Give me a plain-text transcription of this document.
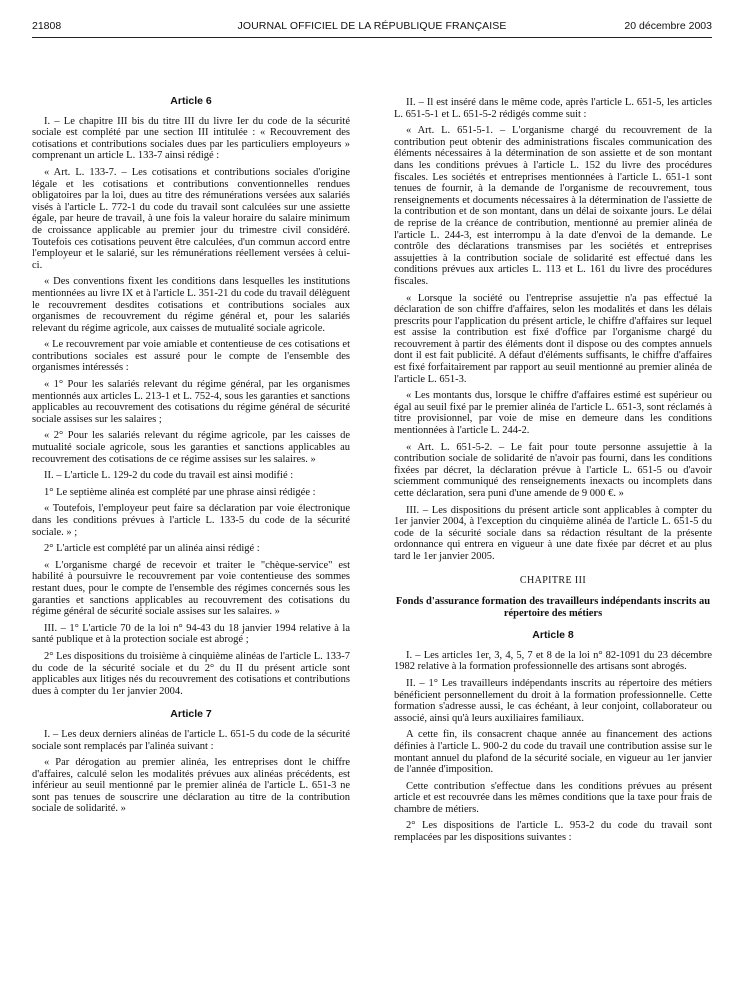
21808	JOURNAL OFFICIEL DE LA RÉPUBLIQUE FRANÇAISE	20 décembre 2003
Article 6

I. – Le chapitre III bis du titre III du livre Ier du code de la sécurité sociale est complété par une section III intitulée : « Recouvrement des cotisations et contributions sociales dues par les particuliers employeurs » comprenant un article L. 133-7 ainsi rédigé :

« Art. L. 133-7. – Les cotisations et contributions sociales d'origine légale et les cotisations et contributions conventionnelles rendues obligatoires par la loi, dues au titre des rémunérations versées aux salariés visés à l'article L. 772-1 du code du travail sont calculées sur une assiette égale, par heure de travail, à une fois la valeur horaire du salaire minimum de croissance applicable au premier jour du trimestre civil considéré. Toutefois ces cotisations peuvent être calculées, d'un commun accord entre l'employeur et le salarié, sur les rémunérations réellement versées à celui-ci.

« Des conventions fixent les conditions dans lesquelles les institutions mentionnées au livre IX et à l'article L. 351-21 du code du travail délèguent le recouvrement desdites cotisations et contributions sociales aux organismes de recouvrement du régime général et, pour les salariés relevant du régime agricole, aux caisses de mutualité sociale agricole.

« Le recouvrement par voie amiable et contentieuse de ces cotisations et contributions sociales est assuré pour le compte de l'ensemble des organismes intéressés :

« 1° Pour les salariés relevant du régime général, par les organismes mentionnés aux articles L. 213-1 et L. 752-4, sous les garanties et sanctions applicables au recouvrement des cotisations du régime général de sécurité sociale assises sur les salaires ;

« 2° Pour les salariés relevant du régime agricole, par les caisses de mutualité sociale agricole, sous les garanties et sanctions applicables au recouvrement des cotisations de ce régime assises sur les salaires. »

II. – L'article L. 129-2 du code du travail est ainsi modifié :

1° Le septième alinéa est complété par une phrase ainsi rédigée :

« Toutefois, l'employeur peut faire sa déclaration par voie électronique dans les conditions prévues à l'article L. 133-5 du code de la sécurité sociale. » ;

2° L'article est complété par un alinéa ainsi rédigé :

« L'organisme chargé de recevoir et traiter le "chèque-service" est habilité à poursuivre le recouvrement par voie contentieuse des sommes restant dues, pour le compte de l'ensemble des régimes concernés sous les garanties et sanctions applicables au recouvrement des cotisations du régime général de sécurité sociale assises sur les salaires. »

III. – 1° L'article 70 de la loi n° 94-43 du 18 janvier 1994 relative à la santé publique et à la protection sociale est abrogé ;

2° Les dispositions du troisième à cinquième alinéas de l'article L. 133-7 du code de la sécurité sociale et du 2° du II du présent article sont applicables aux litiges nés du recouvrement des cotisations et contributions dues à compter du 1er janvier 2004.

Article 7

I. – Les deux derniers alinéas de l'article L. 651-5 du code de la sécurité sociale sont remplacés par l'alinéa suivant :

« Par dérogation au premier alinéa, les entreprises dont le chiffre d'affaires, calculé selon les modalités prévues aux alinéas précédents, est inférieur au seuil mentionné par le premier alinéa de l'article L. 651-3 ne sont pas tenues de souscrire une déclaration au titre de la contribution sociale de solidarité. »

II. – Il est inséré dans le même code, après l'article L. 651-5, les articles L. 651-5-1 et L. 651-5-2 rédigés comme suit :

« Art. L. 651-5-1. – L'organisme chargé du recouvrement de la contribution peut obtenir des administrations fiscales communication des éléments nécessaires à la détermination de son assiette et de son montant dans les conditions prévues à l'article L. 152 du livre des procédures fiscales. Les sociétés et entreprises mentionnées à l'article L. 651-1 sont tenues de fournir, à la demande de l'organisme de recouvrement, tous renseignements et documents nécessaires à la détermination de l'assiette de la contribution et de son montant, dans un délai de soixante jours. Le délai de reprise de la créance de contribution, mentionné au premier alinéa de l'article L. 244-3, est interrompu à la date d'envoi de la demande. Le contrôle des déclarations transmises par les sociétés et entreprises assujetties à la contribution sociale de solidarité est effectué dans les conditions prévues aux articles L. 113 et L. 161 du livre des procédures fiscales.

« Lorsque la société ou l'entreprise assujettie n'a pas effectué la déclaration de son chiffre d'affaires, selon les modalités et dans les délais prescrits pour l'application du présent article, le chiffre d'affaires sur lequel est assise la contribution est fixé d'office par l'organisme chargé du recouvrement à partir des éléments dont il dispose ou des comptes annuels dont il est fait publicité. A défaut d'éléments suffisants, le chiffre d'affaires est fixé forfaitairement par rapport au seuil mentionné au premier alinéa de l'article L. 651-3.

« Les montants dus, lorsque le chiffre d'affaires estimé est supérieur ou égal au seuil fixé par le premier alinéa de l'article L. 651-3, sont réclamés à titre provisionnel, par voie de mise en demeure dans les conditions mentionnées à l'article L. 244-2.

« Art. L. 651-5-2. – Le fait pour toute personne assujettie à la contribution sociale de solidarité de n'avoir pas fourni, dans les conditions fixées par décret, la déclaration prévue à l'article L. 651-5 ou d'avoir sciemment communiqué des renseignements inexacts ou incomplets dans cette déclaration, sera puni d'une amende de 9 000 €. »

III. – Les dispositions du présent article sont applicables à compter du 1er janvier 2004, à l'exception du cinquième alinéa de l'article L. 651-5 du code de la sécurité sociale dans sa rédaction résultant de la présente ordonnance qui entrera en vigueur à une date fixée par décret et au plus tard le 1er janvier 2005.

CHAPITRE III
Fonds d'assurance formation des travailleurs indépendants inscrits au répertoire des métiers
Article 8

I. – Les articles 1er, 3, 4, 5, 7 et 8 de la loi n° 82-1091 du 23 décembre 1982 relative à la formation professionnelle des artisans sont abrogés.

II. – 1° Les travailleurs indépendants inscrits au répertoire des métiers bénéficient personnellement du droit à la formation professionnelle. Cette formation s'adresse aussi, le cas échéant, à leur conjoint, collaborateur ou associé, ainsi qu'à leurs auxiliaires familiaux.

A cette fin, ils consacrent chaque année au financement des actions définies à l'article L. 900-2 du code du travail une contribution assise sur le montant annuel du plafond de la sécurité sociale, en vigueur au 1er janvier de l'année d'imposition.

Cette contribution s'effectue dans les conditions prévues au présent article et est recouvrée dans les mêmes conditions que la taxe pour frais de chambre de métiers.

2° Les dispositions de l'article L. 953-2 du code du travail sont remplacées par les dispositions suivantes :
